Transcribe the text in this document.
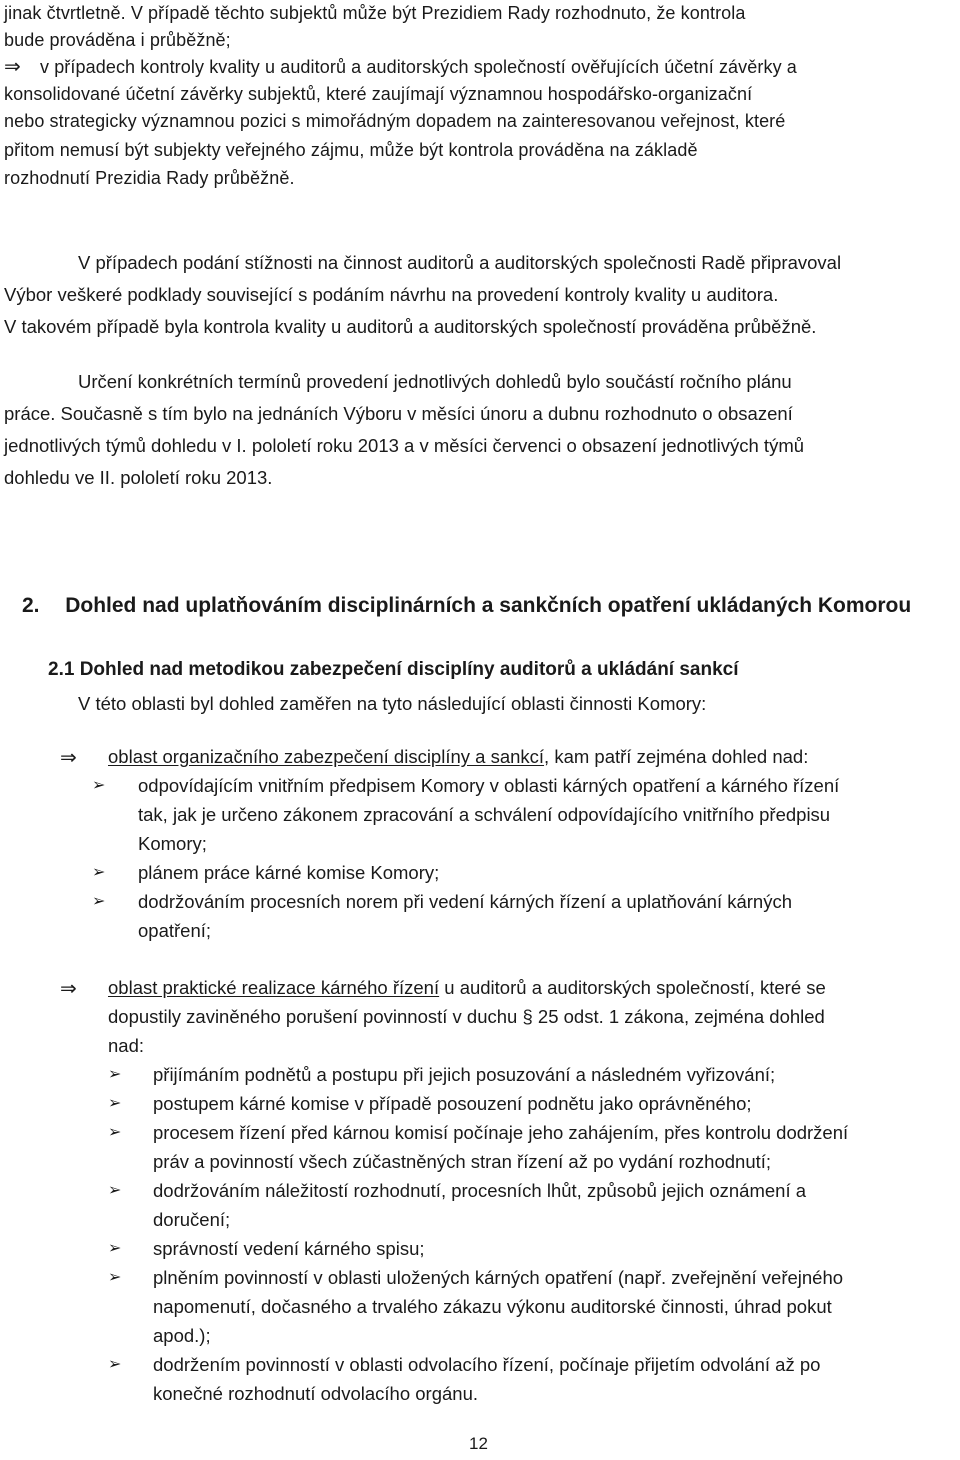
jinak čtvrtletně. V případě těchto subjektů může být Prezidiem Rady rozhodnuto, že kontrola

bude prováděna i průběžně;

⇒ v případech kontroly kvality u auditorů a auditorských společností ověřujících účetní závěrky a

konsolidované účetní závěrky subjektů, které zaujímají významnou hospodářsko-organizační

nebo strategicky významnou pozici s mimořádným dopadem na zainteresovanou veřejnost, které

přitom nemusí být subjekty veřejného zájmu, může být kontrola prováděna na základě

rozhodnutí Prezidia Rady průběžně.

V případech podání stížnosti na činnost auditorů a auditorských společnosti Radě připravoval

Výbor veškeré podklady související s podáním návrhu na provedení kontroly kvality u auditora.

V takovém případě byla kontrola kvality u auditorů a auditorských společností prováděna průběžně.

Určení konkrétních termínů provedení jednotlivých dohledů bylo součástí ročního plánu

práce. Současně s tím bylo na jednáních Výboru v měsíci únoru a dubnu rozhodnuto o obsazení

jednotlivých týmů dohledu v I. pololetí roku 2013 a v měsíci červenci o obsazení jednotlivých týmů

dohledu ve II. pololetí roku 2013.

2. Dohled nad uplatňováním disciplinárních a sankčních opatření ukládaných Komorou
2.1 Dohled nad metodikou zabezpečení disciplíny auditorů a ukládání sankcí

V této oblasti byl dohled zaměřen na tyto následující oblasti činnosti Komory:

⇒ oblast organizačního zabezpečení disciplíny a sankcí, kam patří zejména dohled nad:

➢ odpovídajícím vnitřním předpisem Komory v oblasti kárných opatření a kárného řízení

tak, jak je určeno zákonem zpracování a schválení odpovídajícího vnitřního předpisu

Komory;

➢ plánem práce kárné komise Komory;

➢ dodržováním procesních norem při vedení kárných řízení a uplatňování kárných

opatření;

⇒ oblast praktické realizace kárného řízení u auditorů a auditorských společností, které se

dopustily zaviněného porušení povinností v duchu § 25 odst. 1 zákona, zejména dohled

nad:

➢ přijímáním podnětů a postupu při jejich posuzování a následném vyřizování;

➢ postupem kárné komise v případě posouzení podnětu jako oprávněného;

➢ procesem řízení před kárnou komisí počínaje jeho zahájením, přes kontrolu dodržení

práv a povinností všech zúčastněných stran řízení až po vydání rozhodnutí;

➢ dodržováním náležitostí rozhodnutí, procesních lhůt, způsobů jejich oznámení a

doručení;

➢ správností vedení kárného spisu;

➢ plněním povinností v oblasti uložených kárných opatření (např. zveřejnění veřejného

napomenutí, dočasného a trvalého zákazu výkonu auditorské činnosti, úhrad pokut

apod.);

➢ dodržením povinností v oblasti odvolacího řízení, počínaje přijetím odvolání až po

konečné rozhodnutí odvolacího orgánu.

12
